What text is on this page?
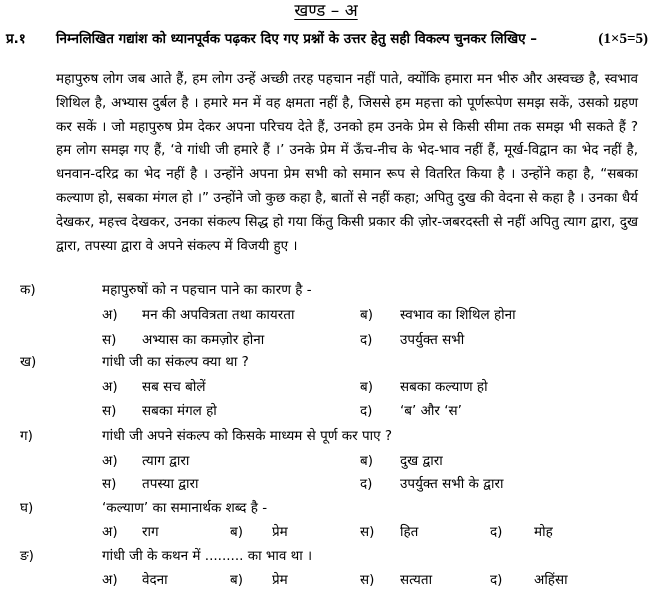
खण्ड – अ
प्र.१ निम्नलिखित गद्यांश को ध्यानपूर्वक पढ़कर दिए गए प्रश्नों के उत्तर हेतु सही विकल्प चुनकर लिखिए –	(1×5=5)
महापुरुष लोग जब आते हैं, हम लोग उन्हें अच्छी तरह पहचान नहीं पाते, क्योंकि हमारा मन भीरु और अस्वच्छ है, स्वभाव शिथिल है, अभ्यास दुर्बल है । हमारे मन में वह क्षमता नहीं है, जिससे हम महत्ता को पूर्णरूपेण समझ सकें, उसको ग्रहण कर सकें । जो महापुरुष प्रेम देकर अपना परिचय देते हैं, उनको हम उनके प्रेम से किसी सीमा तक समझ भी सकते हैं ? हम लोग समझ गए हैं, ‘वे गांधी जी हमारे हैं ।’ उनके प्रेम में ऊँच-नीच के भेद-भाव नहीं हैं, मूर्ख-विद्वान का भेद नहीं है, धनवान-दरिद्र का भेद नहीं है । उन्होंने अपना प्रेम सभी को समान रूप से वितरित किया है । उन्होंने कहा है, “सबका कल्याण हो, सबका मंगल हो ।” उन्होंने जो कुछ कहा है, बातों से नहीं कहा; अपितु दुख की वेदना से कहा है । उनका धैर्य देखकर, महत्त्व देखकर, उनका संकल्प सिद्ध हो गया किंतु किसी प्रकार की ज़ोर-जबरदस्ती से नहीं अपितु त्याग द्वारा, दुख द्वारा, तपस्या द्वारा वे अपने संकल्प में विजयी हुए ।
क)	महापुरुषों को न पहचान पाने का कारण है -
अ) मन की अपवित्रता तथा कायरता	ब) स्वभाव का शिथिल होना
स) अभ्यास का कमज़ोर होना	द) उपर्युक्त सभी
ख)	गांधी जी का संकल्प क्या था ?
अ) सब सच बोलें	ब) सबका कल्याण हो
स) सबका मंगल हो	द) ‘ब’ और ‘स’
ग)	गांधी जी अपने संकल्प को किसके माध्यम से पूर्ण कर पाए ?
अ) त्याग द्वारा	ब) दुख द्वारा
स) तपस्या द्वारा	द) उपर्युक्त सभी के द्वारा
घ)	‘कल्याण’ का समानार्थक शब्द है -
अ) राग	ब) प्रेम	स) हित	द) मोह
ङ)	गांधी जी के कथन में ......... का भाव था ।
अ) वेदना	ब) प्रेम	स) सत्यता	द) अहिंसा
